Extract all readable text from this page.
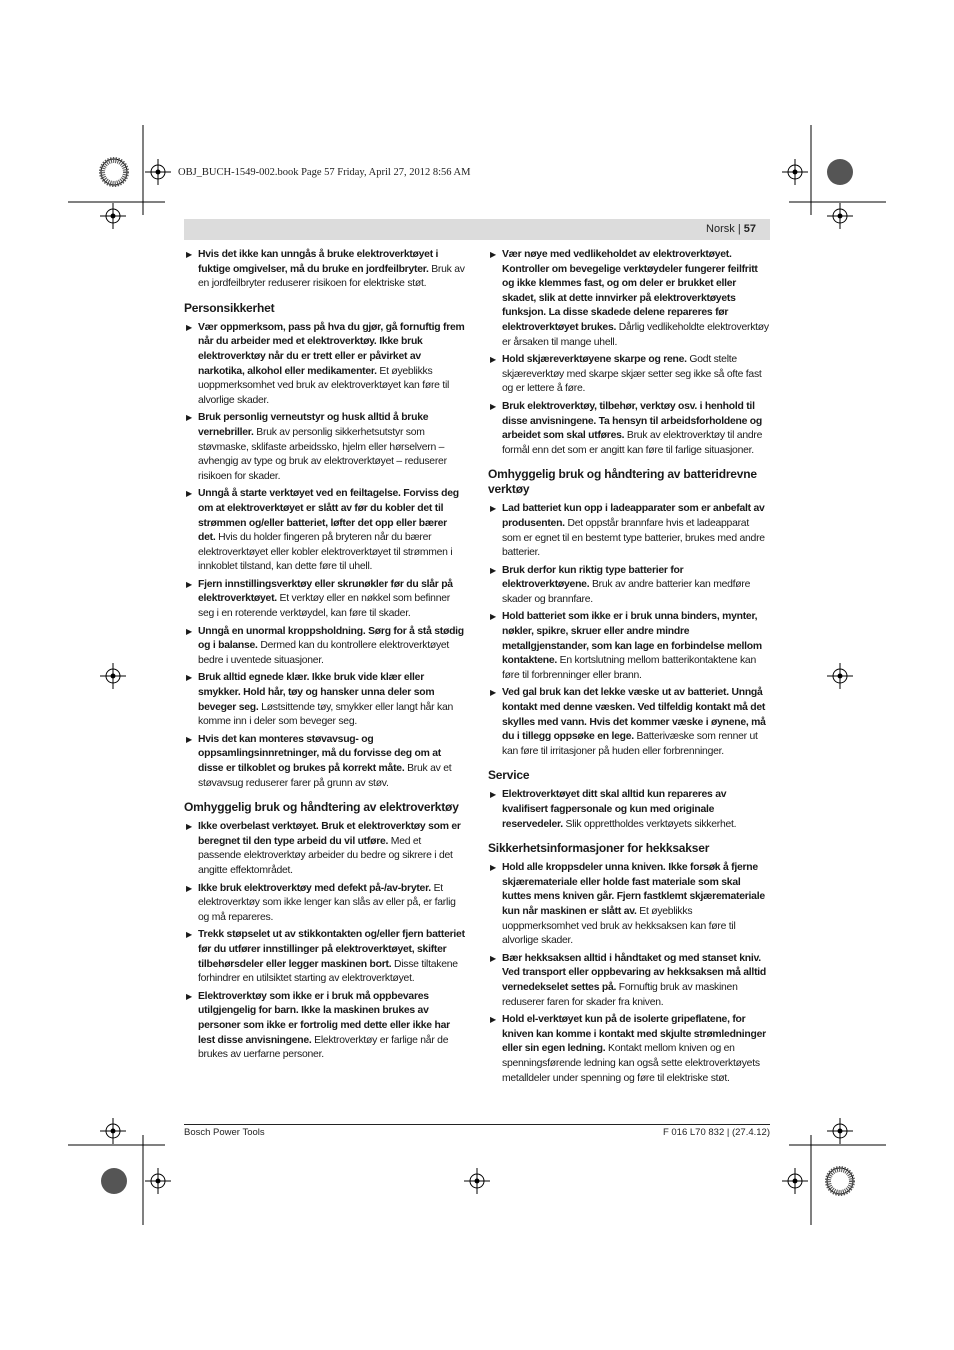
OBJ_BUCH-1549-002.book Page 57 Friday, April 27, 2012 8:56 AM
Norsk | 57
▶ Hvis det ikke kan unngås å bruke elektroverktøyet i fuktige omgivelser, må du bruke en jordfeilbryter. Bruk av en jordfeilbryter reduserer risikoen for elektriske støt.
Personsikkerhet
▶ Vær oppmerksom, pass på hva du gjør, gå fornuftig frem når du arbeider med et elektroverktøy. Ikke bruk elektroverktøy når du er trett eller er påvirket av narkotika, alkohol eller medikamenter. Et øyeblikks uoppmerksomhet ved bruk av elektroverktøyet kan føre til alvorlige skader.
▶ Bruk personlig verneutstyr og husk alltid å bruke vernebriller. Bruk av personlig sikkerhetsutstyr som støvmaske, sklifaste arbeidssko, hjelm eller hørselvern – avhengig av type og bruk av elektroverktøyet – reduserer risikoen for skader.
▶ Unngå å starte verktøyet ved en feiltagelse. Forviss deg om at elektroverktøyet er slått av før du kobler det til strømmen og/eller batteriet, løfter det opp eller bærer det. Hvis du holder fingeren på bryteren når du bærer elektroverktøyet eller kobler elektroverktøyet til strømmen i innkoblet tilstand, kan dette føre til uhell.
▶ Fjern innstillingsverktøy eller skrunøkler før du slår på elektroverktøyet. Et verktøy eller en nøkkel som befinner seg i en roterende verktøydel, kan føre til skader.
▶ Unngå en unormal kroppsholdning. Sørg for å stå stødig og i balanse. Dermed kan du kontrollere elektroverktøyet bedre i uventede situasjoner.
▶ Bruk alltid egnede klær. Ikke bruk vide klær eller smykker. Hold hår, tøy og hansker unna deler som beveger seg. Løstsittende tøy, smykker eller langt hår kan komme inn i deler som beveger seg.
▶ Hvis det kan monteres støvavsug- og oppsamlingsinnretninger, må du forvisse deg om at disse er tilkoblet og brukes på korrekt måte. Bruk av et støvavsug reduserer farer på grunn av støv.
Omhyggelig bruk og håndtering av elektroverktøy
▶ Ikke overbelast verktøyet. Bruk et elektroverktøy som er beregnet til den type arbeid du vil utføre. Med et passende elektroverktøy arbeider du bedre og sikrere i det angitte effektområdet.
▶ Ikke bruk elektroverktøy med defekt på-/av-bryter. Et elektroverktøy som ikke lenger kan slås av eller på, er farlig og må repareres.
▶ Trekk støpselet ut av stikkontakten og/eller fjern batteriet før du utfører innstillinger på elektroverktøyet, skifter tilbehørsdeler eller legger maskinen bort. Disse tiltakene forhindrer en utilsiktet starting av elektroverktøyet.
▶ Elektroverktøy som ikke er i bruk må oppbevares utilgjengelig for barn. Ikke la maskinen brukes av personer som ikke er fortrolig med dette eller ikke har lest disse anvisningene. Elektroverktøy er farlige når de brukes av uerfarne personer.
▶ Vær nøye med vedlikeholdet av elektroverktøyet. Kontroller om bevegelige verktøydeler fungerer feilfritt og ikke klemmes fast, og om deler er brukket eller skadet, slik at dette innvirker på elektroverktøyets funksjon. La disse skadede delene repareres før elektroverktøyet brukes. Dårlig vedlikeholdte elektroverktøy er årsaken til mange uhell.
▶ Hold skjæreverktøyene skarpe og rene. Godt stelte skjæreverktøy med skarpe skjær setter seg ikke så ofte fast og er lettere å føre.
▶ Bruk elektroverktøy, tilbehør, verktøy osv. i henhold til disse anvisningene. Ta hensyn til arbeidsforholdene og arbeidet som skal utføres. Bruk av elektroverktøy til andre formål enn det som er angitt kan føre til farlige situasjoner.
Omhyggelig bruk og håndtering av batteridrevne verktøy
▶ Lad batteriet kun opp i ladeapparater som er anbefalt av produsenten. Det oppstår brannfare hvis et ladeapparat som er egnet til en bestemt type batterier, brukes med andre batterier.
▶ Bruk derfor kun riktig type batterier for elektroverktøyene. Bruk av andre batterier kan medføre skader og brannfare.
▶ Hold batteriet som ikke er i bruk unna binders, mynter, nøkler, spikre, skruer eller andre mindre metallgjenstander, som kan lage en forbindelse mellom kontaktene. En kortslutning mellom batterikontaktene kan føre til forbrenninger eller brann.
▶ Ved gal bruk kan det lekke væske ut av batteriet. Unngå kontakt med denne væsken. Ved tilfeldig kontakt må det skylles med vann. Hvis det kommer væske i øynene, må du i tillegg oppsøke en lege. Batterivæske som renner ut kan føre til irritasjoner på huden eller forbrenninger.
Service
▶ Elektroverktøyet ditt skal alltid kun repareres av kvalifisert fagpersonale og kun med originale reservedeler. Slik opprettholdes verktøyets sikkerhet.
Sikkerhetsinformasjoner for hekksakser
▶ Hold alle kroppsdeler unna kniven. Ikke forsøk å fjerne skjæremateriale eller holde fast materiale som skal kuttes mens kniven går. Fjern fastklemt skjæremateriale kun når maskinen er slått av. Et øyeblikks uoppmerksomhet ved bruk av hekksaksen kan føre til alvorlige skader.
▶ Bær hekksaksen alltid i håndtaket og med stanset kniv. Ved transport eller oppbevaring av hekksaksen må alltid vernedekselet settes på. Fornuftig bruk av maskinen reduserer faren for skader fra kniven.
▶ Hold el-verktøyet kun på de isolerte gripeflatene, for kniven kan komme i kontakt med skjulte strømledninger eller sin egen ledning. Kontakt mellom kniven og en spenningsførende ledning kan også sette elektroverktøyets metalldeler under spenning og føre til elektriske støt.
Bosch Power Tools	F 016 L70 832 | (27.4.12)
